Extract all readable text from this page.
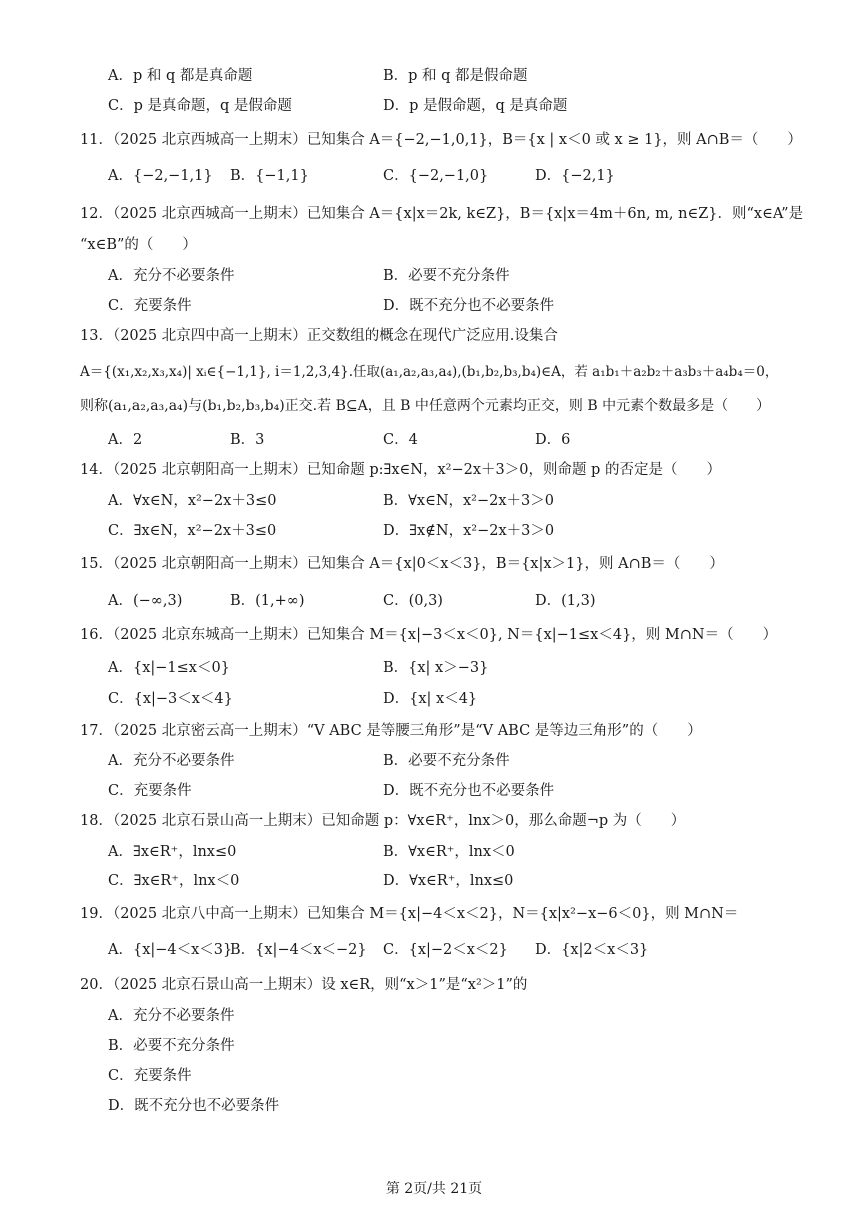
A．p 和 q 都是真命题	B．p 和 q 都是假命题
C．p 是真命题，q 是假命题	D．p 是假命题，q 是真命题
11．（2025 北京西城高一上期末）已知集合 A＝{−2,−1,0,1}，B＝{x | x＜0 或 x ≥ 1}，则 A∩B＝（　　）
A．{−2,−1,1} B．{−1,1}	C．{−2,−1,0}	D．{−2,1}
12．（2025 北京西城高一上期末）已知集合 A＝{x|x＝2k, k∈Z}，B＝{x|x＝4m＋6n, m, n∈Z}．则“x∈A”是
“x∈B”的（　　）
A．充分不必要条件	B．必要不充分条件
C．充要条件	D．既不充分也不必要条件
13．（2025 北京四中高一上期末）正交数组的概念在现代广泛应用.设集合
A＝{(x₁,x₂,x₃,x₄)| xᵢ∈{−1,1}, i＝1,2,3,4}.任取(a₁,a₂,a₃,a₄),(b₁,b₂,b₃,b₄)∈A，若 a₁b₁＋a₂b₂＋a₃b₃＋a₄b₄＝0，
则称(a₁,a₂,a₃,a₄)与(b₁,b₂,b₃,b₄)正交.若 B⊆A，且 B 中任意两个元素均正交，则 B 中元素个数最多是（　　）
A．2	B．3	C．4	D．6
14．（2025 北京朝阳高一上期末）已知命题 p:∃x∈N，x²−2x＋3＞0，则命题 p 的否定是（　　）
A．∀x∈N，x²−2x＋3≤0	B．∀x∈N，x²−2x＋3＞0
C．∃x∈N，x²−2x＋3≤0	D．∃x∉N，x²−2x＋3＞0
15．（2025 北京朝阳高一上期末）已知集合 A＝{x|0＜x＜3}，B＝{x|x＞1}，则 A∩B＝（　　）
A．(−∞,3)	B．(1,+∞)	C．(0,3)	D．(1,3)
16．（2025 北京东城高一上期末）已知集合 M＝{x|−3＜x＜0}, N＝{x|−1≤x＜4}，则 M∩N＝（　　）
A．{x|−1≤x＜0}	B．{x| x＞−3}
C．{x|−3＜x＜4}	D．{x| x＜4}
17．（2025 北京密云高一上期末）“V ABC 是等腰三角形”是“V ABC 是等边三角形”的（　　）
A．充分不必要条件	B．必要不充分条件
C．充要条件	D．既不充分也不必要条件
18．（2025 北京石景山高一上期末）已知命题 p：∀x∈R⁺，lnx＞0，那么命题¬p 为（　　）
A．∃x∈R⁺，lnx≤0	B．∀x∈R⁺，lnx＜0
C．∃x∈R⁺，lnx＜0	D．∀x∈R⁺，lnx≤0
19．（2025 北京八中高一上期末）已知集合 M＝{x|−4＜x＜2}，N＝{x|x²−x−6＜0}，则 M∩N＝
A．{x|−4＜x＜3}
B．{x|−4＜x＜−2} C．{x|−2＜x＜2} D．{x|2＜x＜3}
20．（2025 北京石景山高一上期末）设 x∈R，则“x＞1”是“x²＞1”的
A．充分不必要条件
B．必要不充分条件
C．充要条件
D．既不充分也不必要条件
第 2页/共 21页
